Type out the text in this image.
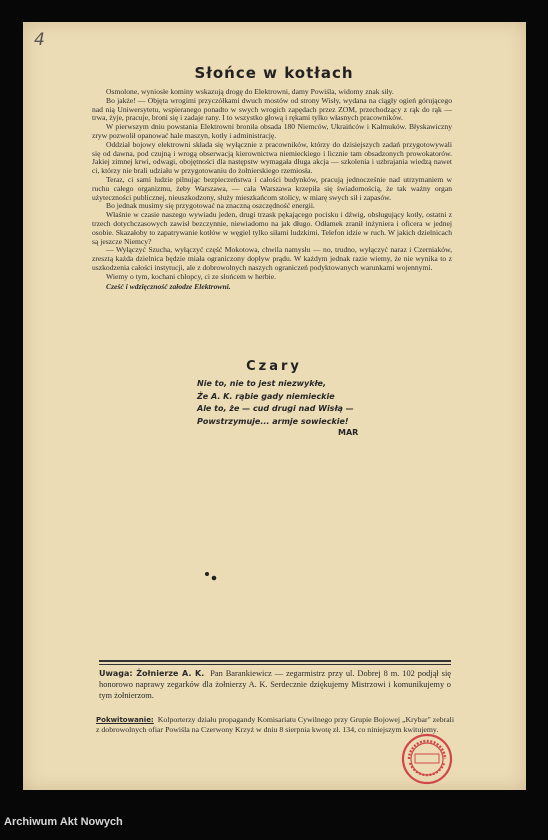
4
Słońce w kotłach

Osmolone, wyniosłe kominy wskazują drogę do Elektrowni, damy Powiśla, widomy znak siły.

Bo jakże! — Objęta wrogimi przyczółkami dwuch mostów od strony Wisły, wydana na ciągły ogień górującego nad nią Uniwersytetu, wspieranego ponadto w swych wrogich zapędach przez ZOM, przechodzący z rąk do rąk — trwa, żyje, pracuje, broni się i zadaje rany. I to wszystko głową i rękami tylko własnych pracowników.

W pierwszym dniu powstania Elektrowni broniła obsada 180 Niemców, Ukraińców i Kałmuków. Błyskawiczny zryw pozwolił opanować hale maszyn, kotły i administrację.

Oddział bojowy elektrowni składa się wyłącznie z pracowników, którzy do dzisiejszych zadań przygotowywali się od dawna, pod czujną i wrogą obserwacją kierownictwa niemieckiego i licznie tam obsadzonych prowokatorów. Jakiej zimnej krwi, odwagi, obojętności dla następstw wymagała długa akcja — szkolenia i uzbrajania wiedzą nawet ci, którzy nie brali udziału w przygotowaniu do żołnierskiego rzemiosła.

Teraz, ci sami ludzie pilnując bezpieczeństwa i całości budynków, pracują jednocześnie nad utrzymaniem w ruchu całego organizmu, żeby Warszawa, — cała Warszawa krzepiła się świadomością, że tak ważny organ użyteczności publicznej, nieuszkodzony, służy mieszkańcom stolicy, w miarę swych sił i zapasów.

Bo jednak musimy się przygotować na znaczną oszczędność energii.

Właśnie w czasie naszego wywiadu jeden, drugi trzask pękającego pocisku i dźwig, obsługujący kotły, ostatni z trzech dotychczasowych zawisł bezczynnie, niewiadomo na jak długo. Odłamek zranił inżyniera i oficera w jednej osobie. Skazałoby to zapatrywanie kotłów w węgiel tylko siłami ludzkimi. Telefon idzie w ruch. W jakich dzielnicach są jeszcze Niemcy?

— Wyłączyć Szucha, wyłączyć część Mokotowa, chwila namysłu — no, trudno, wyłączyć naraz i Czerniaków, zresztą każda dzielnica będzie miała ograniczony dopływ prądu. W każdym jednak razie wiemy, że nie wynika to z uszkodzenia całości instytucji, ale z dobrowolnych naszych ograniczeń podyktowanych warunkami wojennymi.

Wiemy o tym, kochani chłopcy, ci ze słońcem w herbie.

Cześć i wdzięczność załodze Elektrowni.

Czary
Nie to, nie to jest niezwykłe,
Że A. K. rąbie gady niemieckie
Ale to, że — cud drugi nad Wisłą —
Powstrzymuje... armje sowieckie!
MAR
Uwaga: Żołnierze A. K. Pan Barankiewicz — zegarmistrz przy ul. Dobrej 8 m. 102 podjął się honorowo naprawy zegarków dla żołnierzy A. K. Serdecznie dziękujemy Mistrzowi i komunikujemy o tym żołnierzom.
Pokwitowanie: Kolporterzy działu propagandy Komisariatu Cywilnego przy Grupie Bojowej „Krybar" zebrali z dobrowolnych ofiar Powiśla na Czerwony Krzyż w dniu 8 sierpnia kwotę zł. 134, co niniejszym kwitujemy.
Archiwum Akt Nowych
